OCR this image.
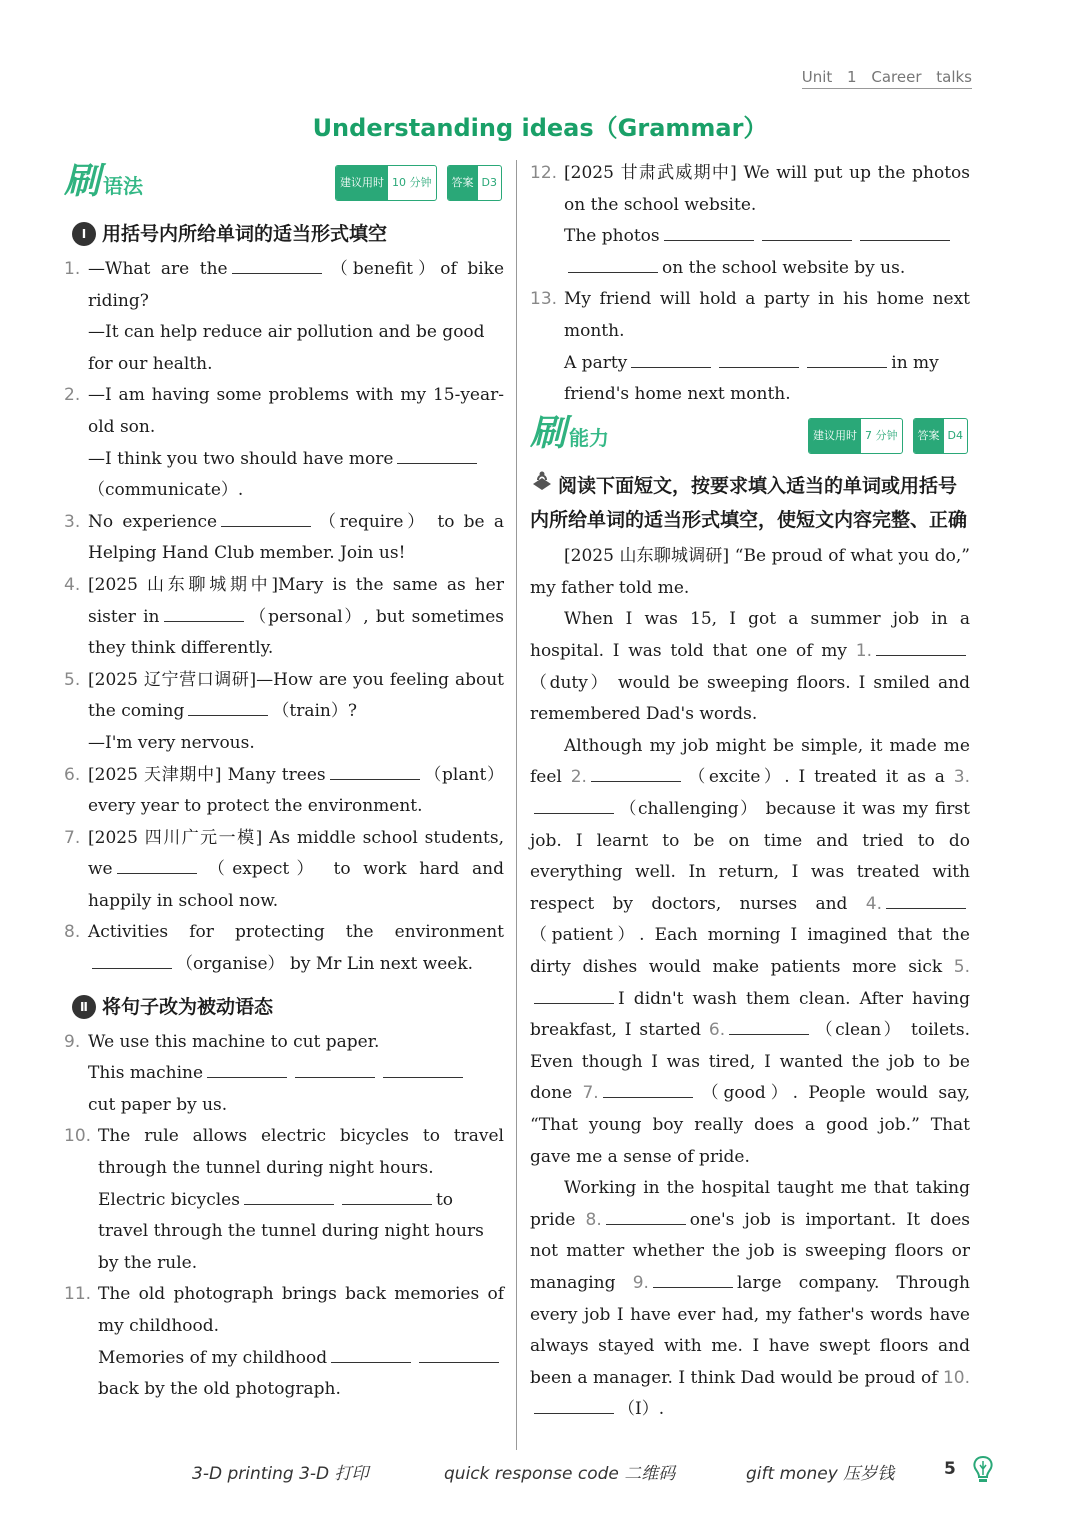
Unit 1 Career talks
Understanding ideas（Grammar）
刷 语法	建议用时 10 分钟	答案 D3
Ⅰ 用括号内所给单词的适当形式填空
1. —What are the	（benefit）of bike riding?
—It can help reduce air pollution and be good for our health.
2. —I am having some problems with my 15-year-old son.
—I think you two should have more（communicate）.
3. No experience	（require） to be a Helping Hand Club member. Join us!
4. [2025 山东聊城期中]Mary is the same as her sister in	（personal）, but sometimes they think differently.
5. [2025 辽宁营口调研]—How are you feeling about the coming	（train）?
—I'm very nervous.
6. [2025 天津期中] Many trees	（plant） every year to protect the environment.
7. [2025 四川广元一模] As middle school students, we	（expect） to work hard and happily in school now.
8. Activities for protecting the environment（organise） by Mr Lin next week.
Ⅱ 将句子改为被动语态
9. We use this machine to cut paper.
This machine
cut paper by us.
10. The rule allows electric bicycles to travel through the tunnel during night hours.
Electric bicycles	to
travel through the tunnel during night hours by the rule.
11. The old photograph brings back memories of my childhood.
Memories of my childhood
back by the old photograph.
12. [2025 甘肃武威期中] We will put up the photos on the school website.
The photos
on the school website by us.
13. My friend will hold a party in his home next month.
A party	in my friend's home next month.
刷 能力	建议用时 7 分钟	答案 D4
阅读下面短文，按要求填入适当的单词或用括号内所给单词的适当形式填空，使短文内容完整、正确
[2025 山东聊城调研] “Be proud of what you do,” my father told me.
When I was 15, I got a summer job in a hospital. I was told that one of my 1.（duty） would be sweeping floors. I smiled and remembered Dad's words.
Although my job might be simple, it made me feel 2.	（excite）. I treated it as a 3.（challenging） because it was my first job. I learnt to be on time and tried to do everything well. In return, I was treated with respect by doctors, nurses and 4.（patient）. Each morning I imagined that the dirty dishes would make patients more sick 5.I didn't wash them clean. After having breakfast, I started 6.	（clean） toilets. Even though I was tired, I wanted the job to be done 7.	（good）. People would say, “That young boy really does a good job.” That gave me a sense of pride.
Working in the hospital taught me that taking pride 8.	one's job is important. It does not matter whether the job is sweeping floors or managing 9.	large company. Through every job I have ever had, my father's words have always stayed with me. I have swept floors and been a manager. I think Dad would be proud of 10.（I）.
3-D printing 3-D 打印	quick response code 二维码	gift money 压岁钱	5
